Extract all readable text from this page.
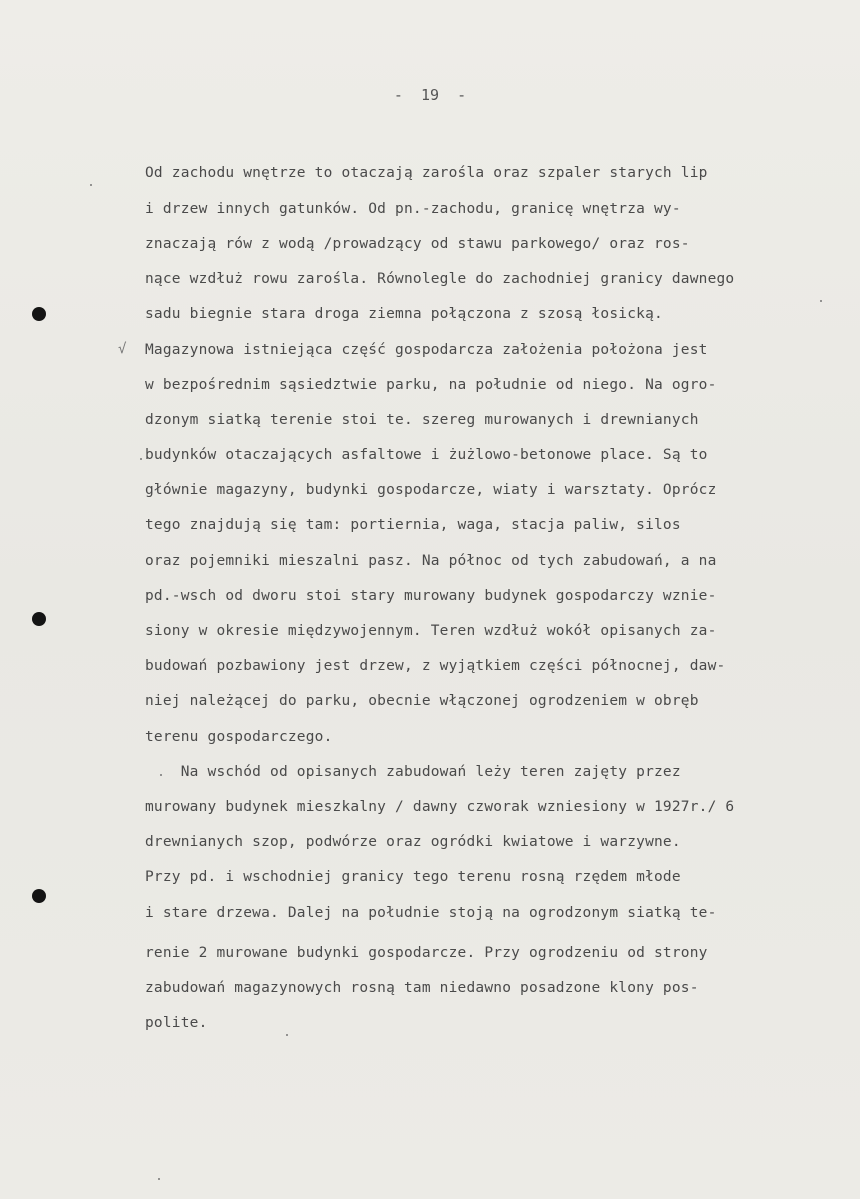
-  19  -
√
Od zachodu wnętrze to otaczają zarośla oraz szpaler starych lip
i drzew innych gatunków. Od pn.-zachodu, granicę wnętrza wy-
znaczają rów z wodą /prowadzący od stawu parkowego/ oraz ros-
nące wzdłuż rowu zarośla. Równolegle do zachodniej granicy dawnego
sadu biegnie stara droga ziemna połączona z szosą łosicką.
Magazynowa istniejąca część gospodarcza założenia położona jest
w bezpośrednim sąsiedztwie parku, na południe od niego. Na ogro-
dzonym siatką terenie stoi te. szereg murowanych i drewnianych
budynków otaczających asfaltowe i żużlowo-betonowe place. Są to
głównie magazyny, budynki gospodarcze, wiaty i warsztaty. Oprócz
tego znajdują się tam: portiernia, waga, stacja paliw, silos
oraz pojemniki mieszalni pasz. Na północ od tych zabudowań, a na
pd.-wsch od dworu stoi stary murowany budynek gospodarczy wznie-
siony w okresie międzywojennym. Teren wzdłuż wokół opisanych za-
budowań pozbawiony jest drzew, z wyjątkiem części północnej, daw-
niej należącej do parku, obecnie włączonej ogrodzeniem w obręb
terenu gospodarczego.
Na wschód od opisanych zabudowań leży teren zajęty przez
murowany budynek mieszkalny / dawny czworak wzniesiony w 1927r./ 6
drewnianych szop, podwórze oraz ogródki kwiatowe i warzywne.
Przy pd. i wschodniej granicy tego terenu rosną rzędem młode
i stare drzewa. Dalej na południe stoją na ogrodzonym siatką te-
renie 2 murowane budynki gospodarcze. Przy ogrodzeniu od strony
zabudowań magazynowych rosną tam niedawno posadzone klony pos-
polite.
